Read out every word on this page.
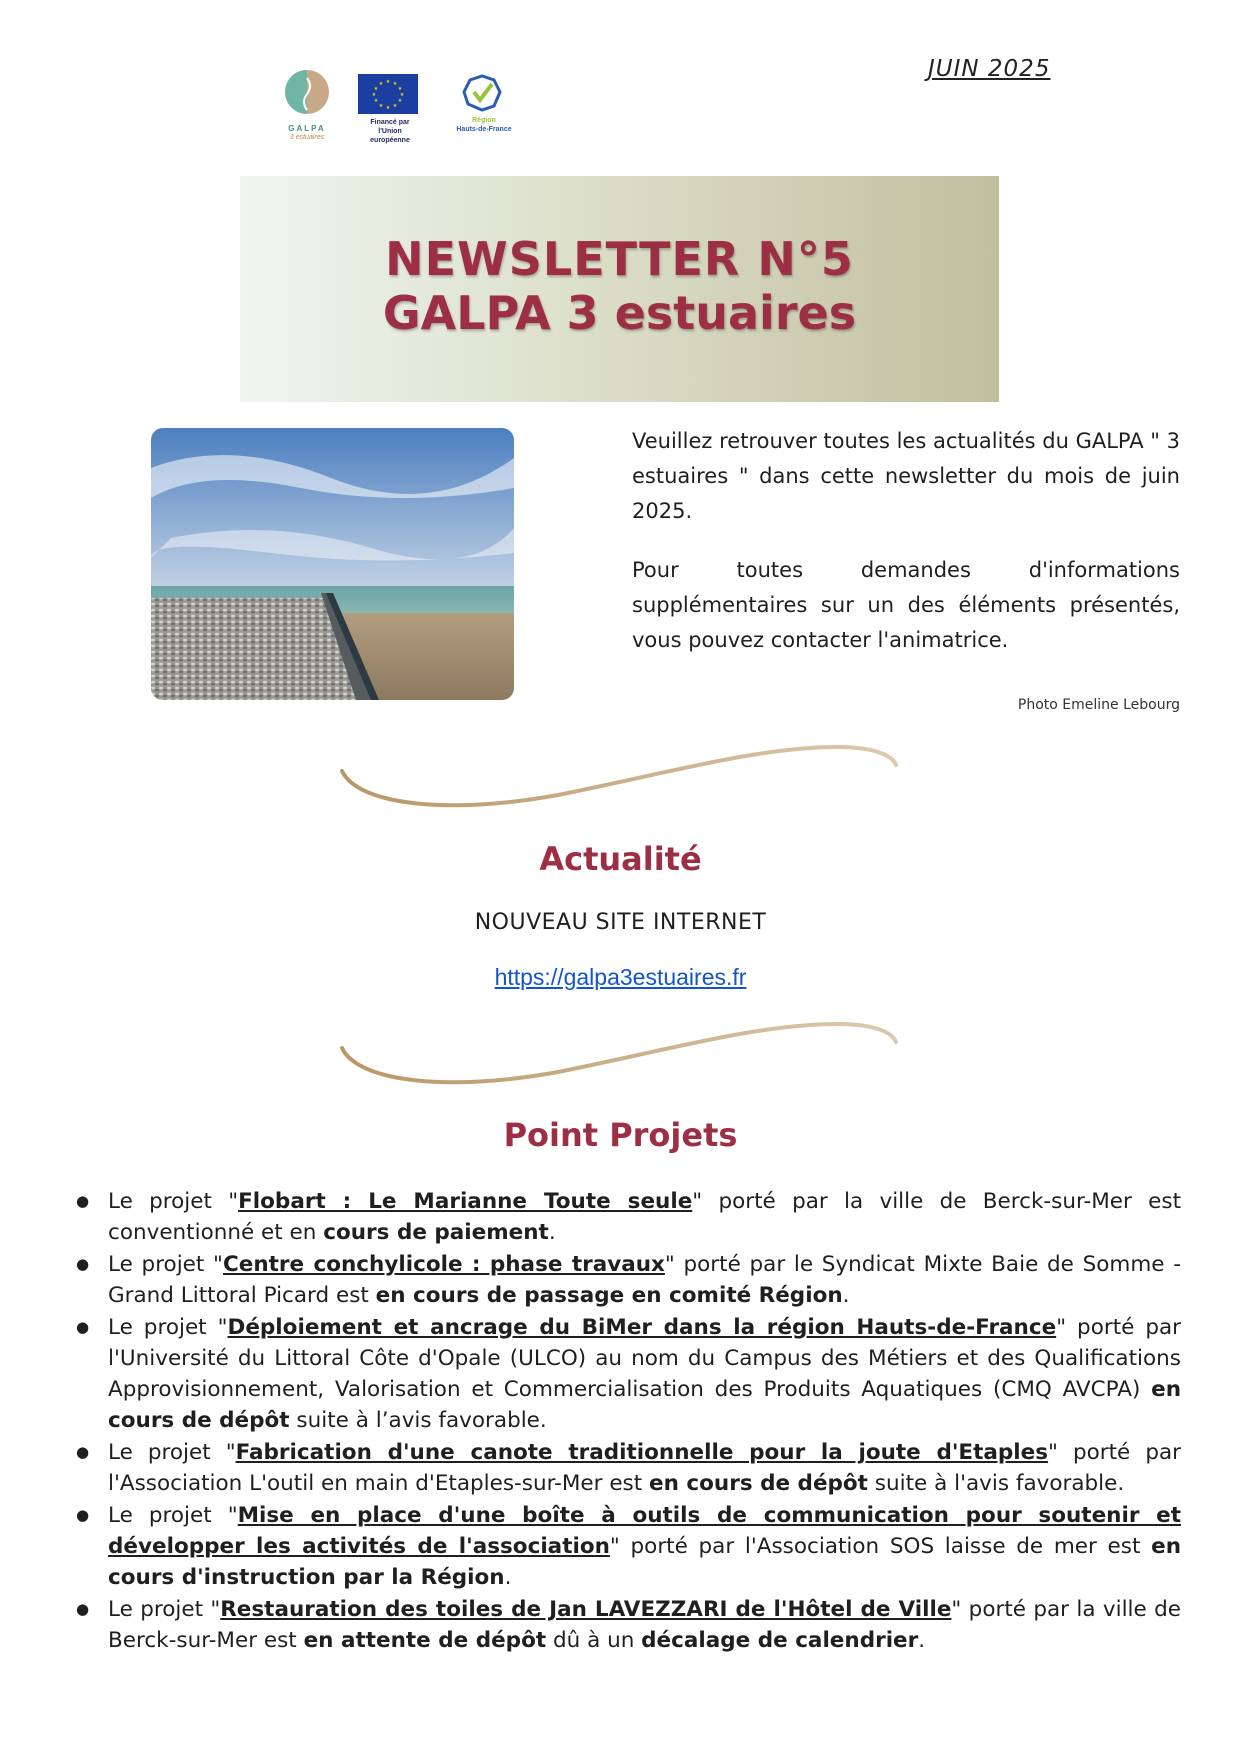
JUIN 2025
GALPA
3 estuaires
★ ★
★
★
★
★
★
★
★
★
★
★
Financé par l'Union européenne
Région
Hauts-de-France
NEWSLETTER N°5
GALPA 3 estuaires

Veuillez retrouver toutes les actualités du GALPA " 3 estuaires " dans cette newsletter du mois de juin 2025.

Pour toutes demandes d'informations supplémentaires sur un des éléments présentés, vous pouvez contacter l'animatrice.

Photo Emeline Lebourg
Actualité
NOUVEAU SITE INTERNET
https://galpa3estuaires.fr
Point Projets
● Le projet "Flobart : Le Marianne Toute seule" porté par la ville de Berck-sur-Mer est conventionné et en cours de paiement.
● Le projet "Centre conchylicole : phase travaux" porté par le Syndicat Mixte Baie de Somme - Grand Littoral Picard est en cours de passage en comité Région.
● Le projet "Déploiement et ancrage du BiMer dans la région Hauts-de-France" porté par l'Université du Littoral Côte d'Opale (ULCO) au nom du Campus des Métiers et des Qualifications Approvisionnement, Valorisation et Commercialisation des Produits Aquatiques (CMQ AVCPA) en cours de dépôt suite à l’avis favorable.
● Le projet "Fabrication d'une canote traditionnelle pour la joute d'Etaples" porté par l'Association L'outil en main d'Etaples-sur-Mer est en cours de dépôt suite à l'avis favorable.
● Le projet "Mise en place d'une boîte à outils de communication pour soutenir et développer les activités de l'association" porté par l'Association SOS laisse de mer est en cours d'instruction par la Région.
● Le projet "Restauration des toiles de Jan LAVEZZARI de l'Hôtel de Ville" porté par la ville de Berck-sur-Mer est en attente de dépôt dû à un décalage de calendrier.
